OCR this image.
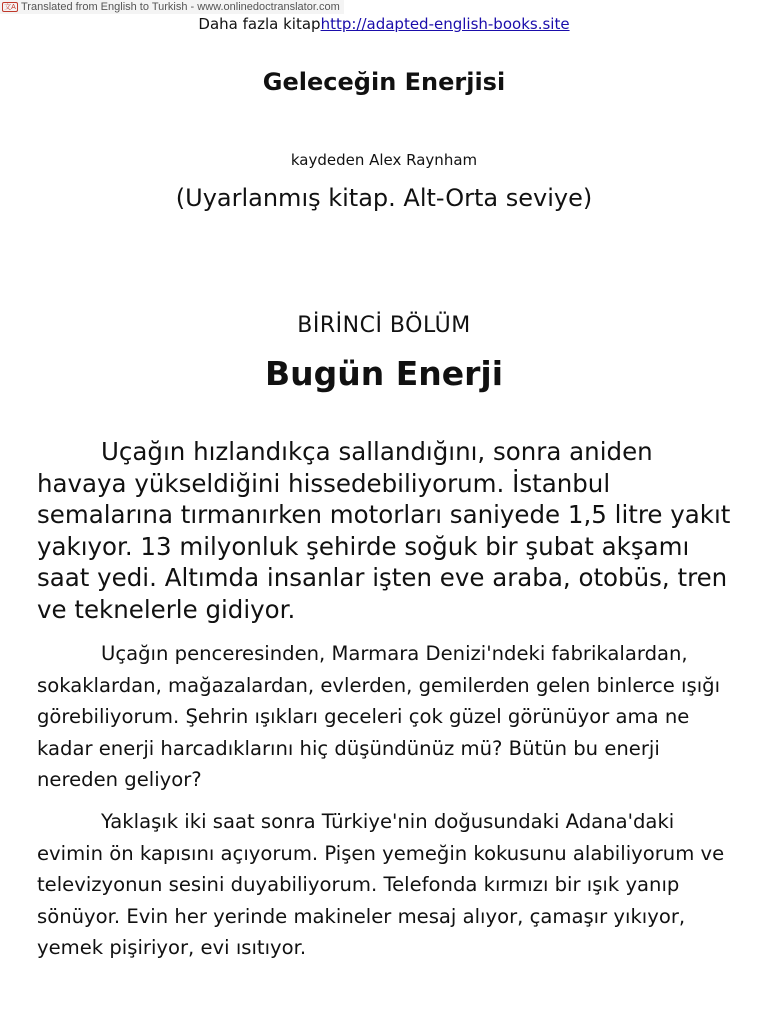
文A Translated from English to Turkish - www.onlinedoctranslator.com
Daha fazla kitaphttp://adapted-english-books.site
Geleceğin Enerjisi
kaydeden Alex Raynham
(Uyarlanmış kitap. Alt-Orta seviye)
BİRİNCİ BÖLÜM
Bugün Enerji

Uçağın hızlandıkça sallandığını, sonra aniden havaya yükseldiğini hissedebiliyorum. İstanbul semalarına tırmanırken motorları saniyede 1,5 litre yakıt yakıyor. 13 milyonluk şehirde soğuk bir şubat akşamı saat yedi. Altımda insanlar işten eve araba, otobüs, tren ve teknelerle gidiyor.

Uçağın penceresinden, Marmara Denizi'ndeki fabrikalardan, sokaklardan, mağazalardan, evlerden, gemilerden gelen binlerce ışığı görebiliyorum. Şehrin ışıkları geceleri çok güzel görünüyor ama ne kadar enerji harcadıklarını hiç düşündünüz mü? Bütün bu enerji nereden geliyor?

Yaklaşık iki saat sonra Türkiye'nin doğusundaki Adana'daki evimin ön kapısını açıyorum. Pişen yemeğin kokusunu alabiliyorum ve televizyonun sesini duyabiliyorum. Telefonda kırmızı bir ışık yanıp sönüyor. Evin her yerinde makineler mesaj alıyor, çamaşır yıkıyor, yemek pişiriyor, evi ısıtıyor.
